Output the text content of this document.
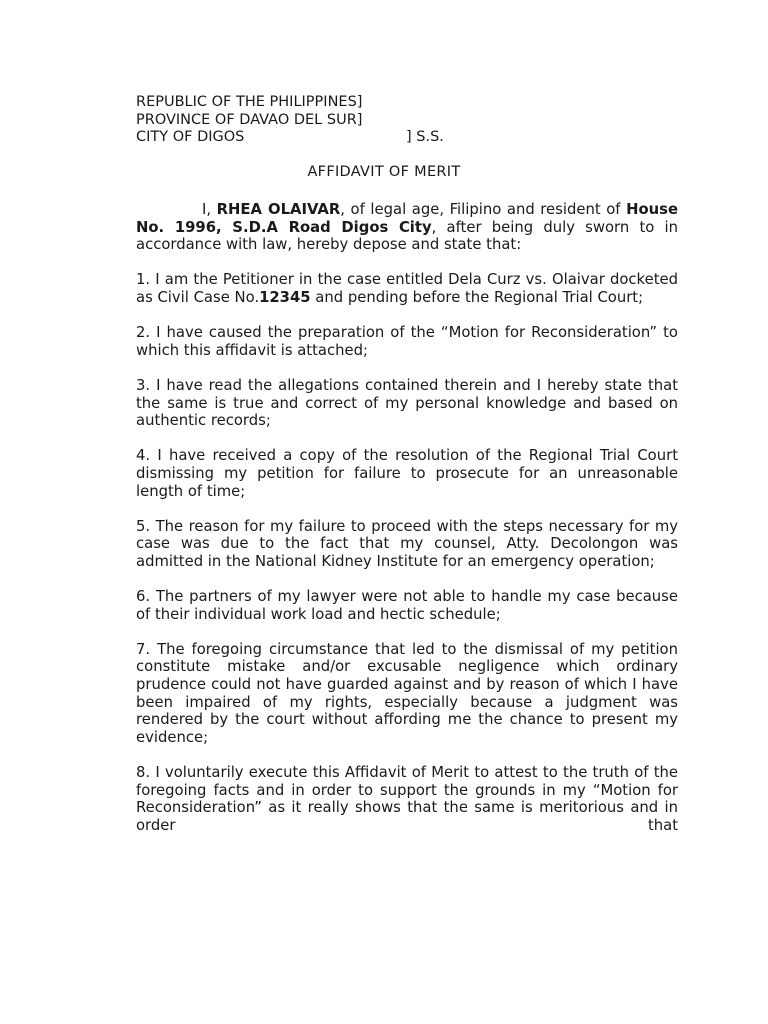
REPUBLIC OF THE PHILIPPINES]
PROVINCE OF DAVAO DEL SUR]
CITY OF DIGOS	] S.S.
AFFIDAVIT OF MERIT

I, RHEA OLAIVAR, of legal age, Filipino and resident of House No. 1996, S.D.A Road Digos City, after being duly sworn to in accordance with law, hereby depose and state that:

1. I am the Petitioner in the case entitled Dela Curz vs. Olaivar docketed as Civil Case No.12345 and pending before the Regional Trial Court;

2. I have caused the preparation of the “Motion for Reconsideration” to which this affidavit is attached;

3. I have read the allegations contained therein and I hereby state that the same is true and correct of my personal knowledge and based on authentic records;

4. I have received a copy of the resolution of the Regional Trial Court dismissing my petition for failure to prosecute for an unreasonable length of time;

5. The reason for my failure to proceed with the steps necessary for my case was due to the fact that my counsel, Atty. Decolongon was admitted in the National Kidney Institute for an emergency operation;

6. The partners of my lawyer were not able to handle my case because of their individual work load and hectic schedule;

7. The foregoing circumstance that led to the dismissal of my petition constitute mistake and/or excusable negligence which ordinary prudence could not have guarded against and by reason of which I have been impaired of my rights, especially because a judgment was rendered by the court without affording me the chance to present my evidence;

8. I voluntarily execute this Affidavit of Merit to attest to the truth of the foregoing facts and in order to support the grounds in my “Motion for Reconsideration” as it really shows that the same is meritorious and in order that
